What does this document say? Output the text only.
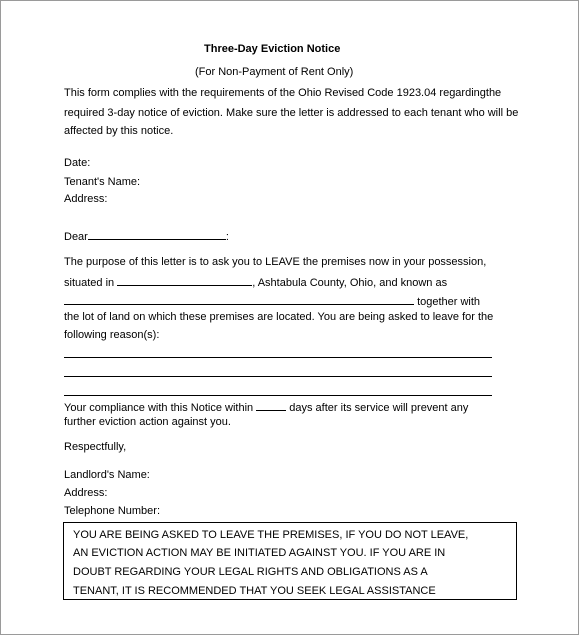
Three-Day Eviction Notice
(For Non-Payment of Rent Only)
This form complies with the requirements of the Ohio Revised Code 1923.04 regardingthe
required 3-day notice of eviction. Make sure the letter is addressed to each tenant who will be
affected by this notice.
Date:
Tenant's Name:
Address:
Dear	:
The purpose of this letter is to ask you to LEAVE the premises now in your possession,
situated in	, Ashtabula County, Ohio, and known as
together with
the lot of land on which these premises are located. You are being asked to leave for the
following reason(s):
Your compliance with this Notice within	days after its service will prevent any
further eviction action against you.
Respectfully,
Landlord's Name:
Address:
Telephone Number:
YOU ARE BEING ASKED TO LEAVE THE PREMISES, IF YOU DO NOT LEAVE,
AN EVICTION ACTION MAY BE INITIATED AGAINST YOU. IF YOU ARE IN
DOUBT REGARDING YOUR LEGAL RIGHTS AND OBLIGATIONS AS A
TENANT, IT IS RECOMMENDED THAT YOU SEEK LEGAL ASSISTANCE
